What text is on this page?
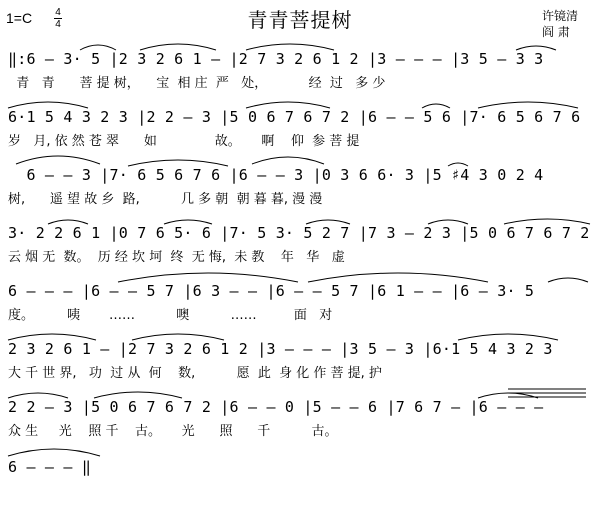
1=C 4
4	青青菩提树	许镜清
阎 肃
‖:6 – 3· 5 |2 3 2 6 1 – |2 7 3 2 6 1 2 |3 – – – |3 5 – 3 3
青   青      菩 提 树，    宝  相 庄  严   处，          经  过   多 少
6·1 5 4 3 2 3 |2 2 – 3 |5 0 6 7 6 7 2 |6 – – 5 6 |7· 6 5 6 7 6
岁   月, 依 然 苍 翠      如              故。     啊    仰  参 菩 提
6 – – 3 |7· 6 5 6 7 6 |6 – – 3 |0 3 6 6· 3 |5 ♯4 3 0 2 4
树,      遥 望 故 乡  路,          几 多 朝  朝 暮 暮, 漫 漫
3· 2 2 6 1 |0 7 6 5· 6 |7· 5 3· 5 2 7 |7 3 – 2 3 |5 0 6 7 6 7 2
云 烟 无  数。  历 经 坎 坷  终  无 悔,  未 教    年   华   虚
6 – – – |6 – – 5 7 |6 3 – – |6 – – 5 7 |6 1 – – |6 – 3· 5
度。        咦       ……          噢          ……         面   对
2 3 2 6 1 – |2 7 3 2 6 1 2 |3 – – – |3 5 – 3 |6·1 5 4 3 2 3
大 千 世 界,   功  过 从  何    数,          愿  此  身 化 作 菩 提, 护
2 2 – 3 |5 0 6 7 6 7 2 |6 – – 0 |5 – – 6 |7 6 7 – |6 – – –
众 生     光    照 千    古。     光      照      千          古。
6 – – – ‖
